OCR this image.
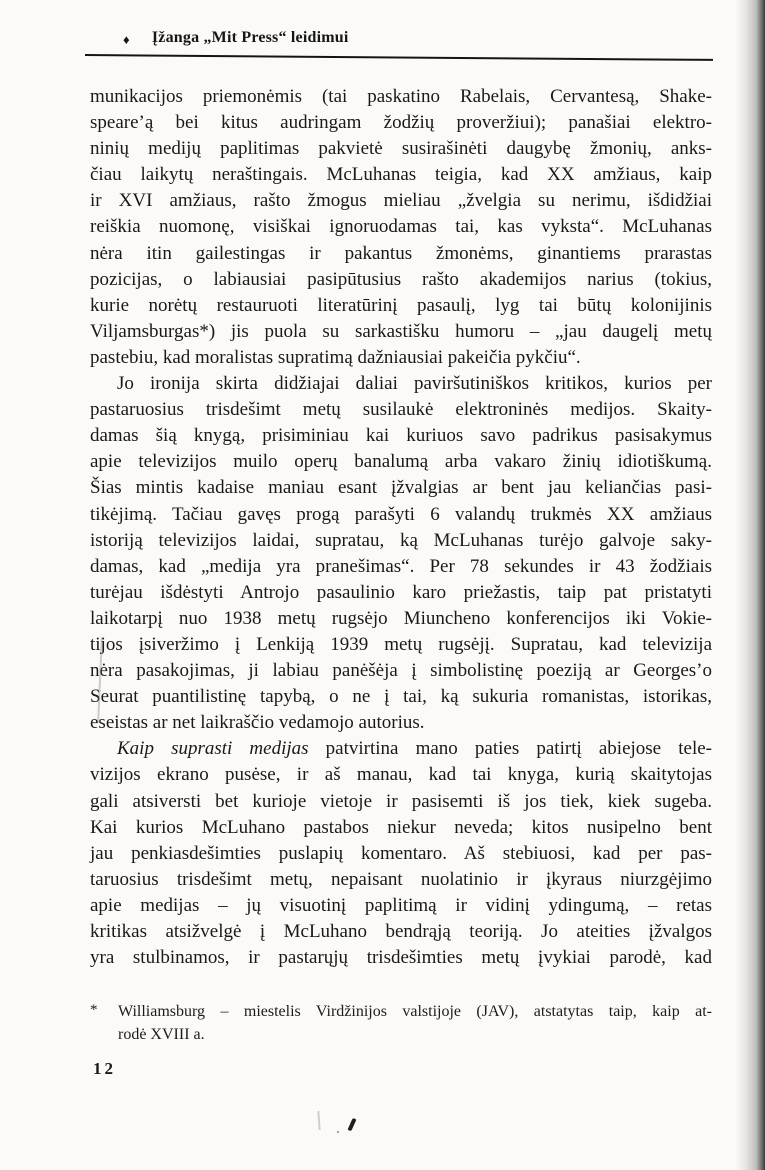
♦ Įžanga „Mit Press“ leidimui
munikacijos priemonėmis (tai paskatino Rabelais, Cervantesą, Shake-
speare’ą bei kitus audringam žodžių proveržiui); panašiai elektro-
ninių medijų paplitimas pakvietė susirašinėti daugybę žmonių, anks-
čiau laikytų neraštingais. McLuhanas teigia, kad XX amžiaus, kaip
ir XVI amžiaus, rašto žmogus mieliau „žvelgia su nerimu, išdidžiai
reiškia nuomonę, visiškai ignoruodamas tai, kas vyksta“. McLuhanas
nėra itin gailestingas ir pakantus žmonėms, ginantiems prarastas
pozicijas, o labiausiai pasipūtusius rašto akademijos narius (tokius,
kurie norėtų restauruoti literatūrinį pasaulį, lyg tai būtų kolonijinis
Viljamsburgas*) jis puola su sarkastišku humoru – „jau daugelį metų
pastebiu, kad moralistas supratimą dažniausiai pakeičia pykčiu“.
Jo ironija skirta didžiajai daliai paviršutiniškos kritikos, kurios per
pastaruosius trisdešimt metų susilaukė elektroninės medijos. Skaity-
damas šią knygą, prisiminiau kai kuriuos savo padrikus pasisakymus
apie televizijos muilo operų banalumą arba vakaro žinių idiotiškumą.
Šias mintis kadaise maniau esant įžvalgias ar bent jau keliančias pasi-
tikėjimą. Tačiau gavęs progą parašyti 6 valandų trukmės XX amžiaus
istoriją televizijos laidai, supratau, ką McLuhanas turėjo galvoje saky-
damas, kad „medija yra pranešimas“. Per 78 sekundes ir 43 žodžiais
turėjau išdėstyti Antrojo pasaulinio karo priežastis, taip pat pristatyti
laikotarpį nuo 1938 metų rugsėjo Miuncheno konferencijos iki Vokie-
tijos įsiveržimo į Lenkiją 1939 metų rugsėjį. Supratau, kad televizija
nėra pasakojimas, ji labiau panėšėja į simbolistinę poeziją ar Georges’o
Seurat puantilistinę tapybą, o ne į tai, ką sukuria romanistas, istorikas,
eseistas ar net laikraščio vedamojo autorius.
Kaip suprasti medijas patvirtina mano paties patirtį abiejose tele-
vizijos ekrano pusėse, ir aš manau, kad tai knyga, kurią skaitytojas
gali atsiversti bet kurioje vietoje ir pasisemti iš jos tiek, kiek sugeba.
Kai kurios McLuhano pastabos niekur neveda; kitos nusipelno bent
jau penkiasdešimties puslapių komentaro. Aš stebiuosi, kad per pas-
taruosius trisdešimt metų, nepaisant nuolatinio ir įkyraus niurzgėjimo
apie medijas – jų visuotinį paplitimą ir vidinį ydingumą, – retas
kritikas atsižvelgė į McLuhano bendrąją teoriją. Jo ateities įžvalgos
yra stulbinamos, ir pastarųjų trisdešimties metų įvykiai parodė, kad
* Williamsburg – miestelis Virdžinijos valstijoje (JAV), atstatytas taip, kaip at-
rodė XVIII a.
12
